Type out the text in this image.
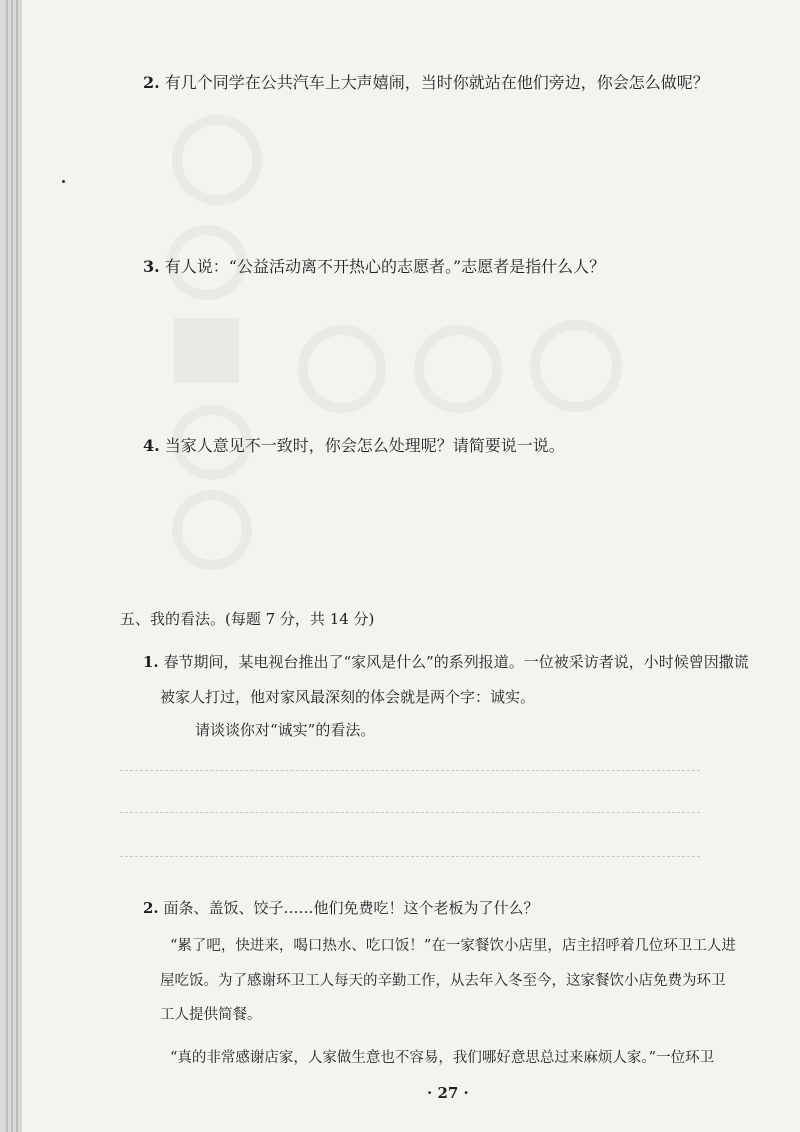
2. 有几个同学在公共汽车上大声嬉闹，当时你就站在他们旁边，你会怎么做呢？
3. 有人说：“公益活动离不开热心的志愿者。”志愿者是指什么人？
4. 当家人意见不一致时，你会怎么处理呢？请简要说一说。
五、我的看法。(每题 7 分，共 14 分)
1. 春节期间，某电视台推出了“家风是什么”的系列报道。一位被采访者说，小时候曾因撒谎
被家人打过，他对家风最深刻的体会就是两个字：诚实。
请谈谈你对“诚实”的看法。
2. 面条、盖饭、饺子……他们免费吃！这个老板为了什么？
“累了吧，快进来，喝口热水、吃口饭！”在一家餐饮小店里，店主招呼着几位环卫工人进
屋吃饭。为了感谢环卫工人每天的辛勤工作，从去年入冬至今，这家餐饮小店免费为环卫
工人提供简餐。
“真的非常感谢店家，人家做生意也不容易，我们哪好意思总过来麻烦人家。”一位环卫
· 27 ·
